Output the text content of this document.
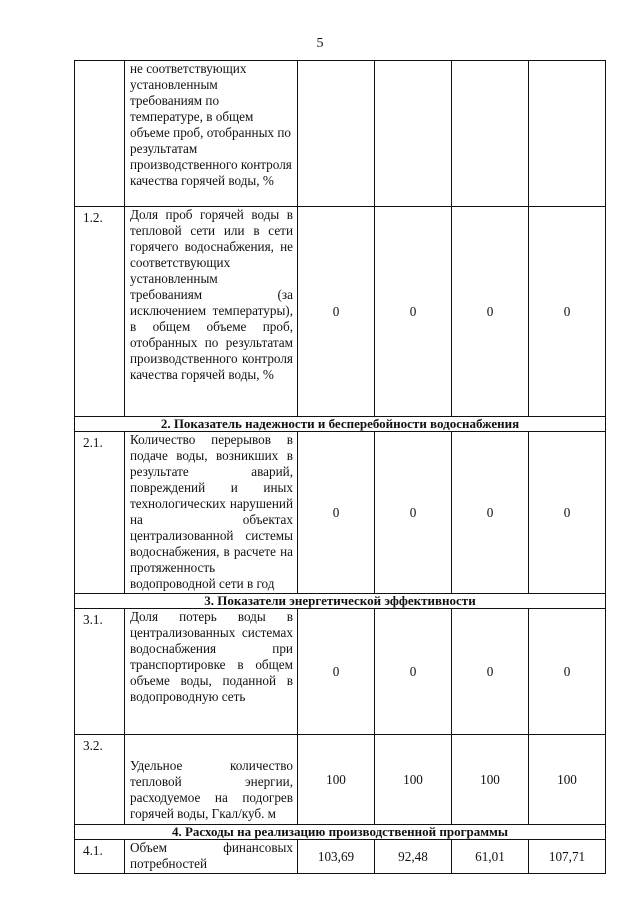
5
	не соответствующих установленным требованиям по температуре, в общем объеме проб, отобранных по результатам производственного контроля качества горячей воды, %				
1.2.	Доля проб горячей воды в тепловой сети или в сети горячего водоснабжения, не соответствующих установленным требованиям (за исключением температуры), в общем объеме проб, отобранных по результатам производственного контроля качества горячей воды, %	0	0	0	0
2. Показатель надежности и бесперебойности водоснабжения					
2.1.	Количество перерывов в подаче воды, возникших в результате аварий, повреждений и иных технологических нарушений на объектах централизованной системы водоснабжения, в расчете на протяженность водопроводной сети в год	0	0	0	0
3. Показатели энергетической эффективности					
3.1.	Доля потерь воды в централизованных системах водоснабжения при транспортировке в общем объеме воды, поданной в водопроводную сеть	0	0	0	0
3.2.	Удельное количество тепловой энергии, расходуемое на подогрев горячей воды, Гкал/куб. м	100	100	100	100
4. Расходы на реализацию производственной программы					
4.1.	Объем финансовых потребностей	103,69	92,48	61,01	107,71
